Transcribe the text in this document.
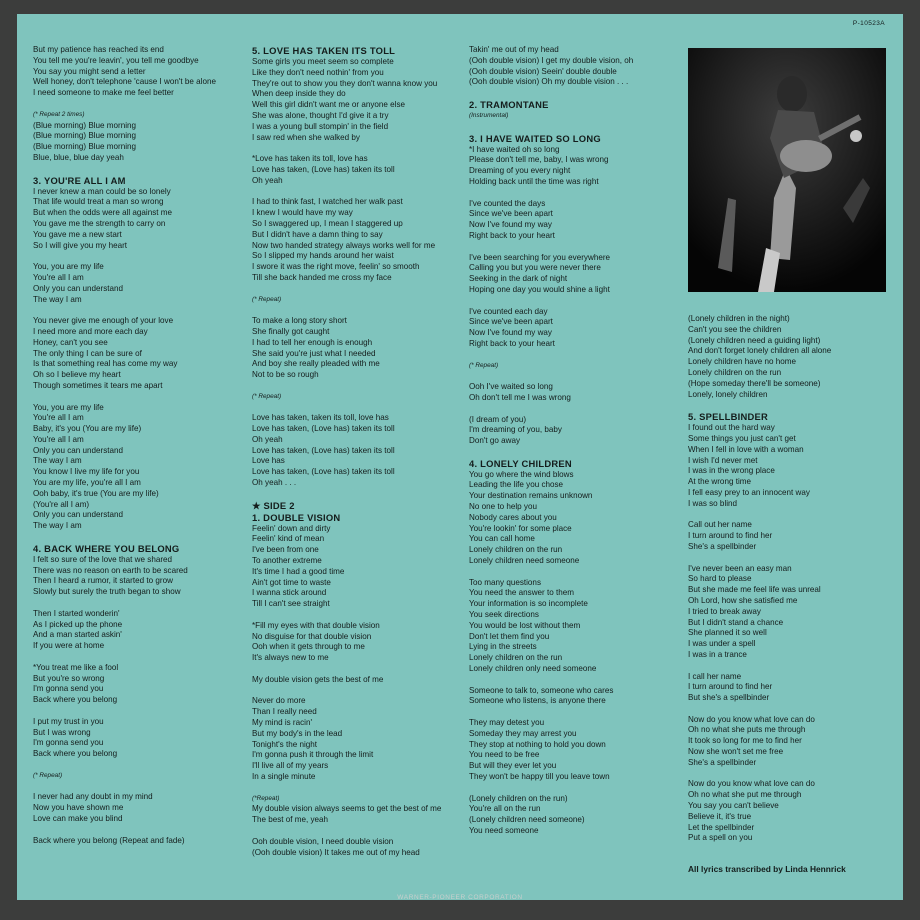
P-10523A
But my patience has reached its end
You tell me you're leavin', you tell me goodbye
You say you might send a letter
Well honey, don't telephone 'cause I won't be alone
I need someone to make me feel better
(* Repeat 2 times)
(Blue morning) Blue morning
(Blue morning) Blue morning
(Blue morning) Blue morning
Blue, blue, blue day yeah
3. YOU'RE ALL I AM
I never knew a man could be so lonely
That life would treat a man so wrong
But when the odds were all against me
You gave me the strength to carry on
You gave me a new start
So I will give you my heart
You, you are my life
You're all I am
Only you can understand
The way I am
You never give me enough of your love
I need more and more each day
Honey, can't you see
The only thing I can be sure of
Is that something real has come my way
Oh so I believe my heart
Though sometimes it tears me apart
You, you are my life
You're all I am
Baby, it's you (You are my life)
You're all I am
Only you can understand
The way I am
You know I live my life for you
You are my life, you're all I am
Ooh baby, it's true (You are my life)
(You're all I am)
Only you can understand
The way I am
4. BACK WHERE YOU BELONG
I felt so sure of the love that we shared
There was no reason on earth to be scared
Then I heard a rumor, it started to grow
Slowly but surely the truth began to show
Then I started wonderin'
As I picked up the phone
And a man started askin'
If you were at home
*You treat me like a fool
But you're so wrong
I'm gonna send you
Back where you belong
I put my trust in you
But I was wrong
I'm gonna send you
Back where you belong
(* Repeat)
I never had any doubt in my mind
Now you have shown me
Love can make you blind
Back where you belong (Repeat and fade)
5. LOVE HAS TAKEN ITS TOLL
Some girls you meet seem so complete
Like they don't need nothin' from you
They're out to show you they don't wanna know you
When deep inside they do
Well this girl didn't want me or anyone else
She was alone, thought I'd give it a try
I was a young bull stompin' in the field
I saw red when she walked by
*Love has taken its toll, love has
Love has taken, (Love has) taken its toll
Oh yeah
I had to think fast, I watched her walk past
I knew I would have my way
So I swaggered up, I mean I staggered up
But I didn't have a damn thing to say
Now two handed strategy always works well for me
So I slipped my hands around her waist
I swore it was the right move, feelin' so smooth
Till she back handed me cross my face
(* Repeat)
To make a long story short
She finally got caught
I had to tell her enough is enough
She said you're just what I needed
And boy she really pleaded with me
Not to be so rough
(* Repeat)
Love has taken, taken its toll, love has
Love has taken, (Love has) taken its toll
Oh yeah
Love has taken, (Love has) taken its toll
Love has
Love has taken, (Love has) taken its toll
Oh yeah . . .
★ SIDE 2
1. DOUBLE VISION
Feelin' down and dirty
Feelin' kind of mean
I've been from one
To another extreme
It's time I had a good time
Ain't got time to waste
I wanna stick around
Till I can't see straight
*Fill my eyes with that double vision
No disguise for that double vision
Ooh when it gets through to me
It's always new to me
My double vision gets the best of me
Never do more
Than I really need
My mind is racin'
But my body's in the lead
Tonight's the night
I'm gonna push it through the limit
I'll live all of my years
In a single minute
(*Repeat)
My double vision always seems to get the best of me
The best of me, yeah
Ooh double vision, I need double vision
(Ooh double vision) It takes me out of my head
Takin' me out of my head
(Ooh double vision) I get my double vision, oh
(Ooh double vision) Seein' double double
(Ooh double vision) Oh my double vision . . .
2. TRAMONTANE
(Instrumental)
3. I HAVE WAITED SO LONG
*I have waited oh so long
Please don't tell me, baby, I was wrong
Dreaming of you every night
Holding back until the time was right
I've counted the days
Since we've been apart
Now I've found my way
Right back to your heart
I've been searching for you everywhere
Calling you but you were never there
Seeking in the dark of night
Hoping one day you would shine a light
I've counted each day
Since we've been apart
Now I've found my way
Right back to your heart
(* Repeat)
Ooh I've waited so long
Oh don't tell me I was wrong
(I dream of you)
I'm dreaming of you, baby
Don't go away
4. LONELY CHILDREN
You go where the wind blows
Leading the life you chose
Your destination remains unknown
No one to help you
Nobody cares about you
You're lookin' for some place
You can call home
Lonely children on the run
Lonely children need someone
Too many questions
You need the answer to them
Your information is so incomplete
You seek directions
You would be lost without them
Don't let them find you
Lying in the streets
Lonely children on the run
Lonely children only need someone
Someone to talk to, someone who cares
Someone who listens, is anyone there
They may detest you
Someday they may arrest you
They stop at nothing to hold you down
You need to be free
But will they ever let you
They won't be happy till you leave town
(Lonely children on the run)
You're all on the run
(Lonely children need someone)
You need someone
(Lonely children in the night)
Can't you see the children
(Lonely children need a guiding light)
And don't forget lonely children all alone
Lonely children have no home
Lonely children on the run
(Hope someday there'll be someone)
Lonely, lonely children
5. SPELLBINDER
I found out the hard way
Some things you just can't get
When I fell in love with a woman
I wish I'd never met
I was in the wrong place
At the wrong time
I fell easy prey to an innocent way
I was so blind
Call out her name
I turn around to find her
She's a spellbinder
I've never been an easy man
So hard to please
But she made me feel life was unreal
Oh Lord, how she satisfied me
I tried to break away
But I didn't stand a chance
She planned it so well
I was under a spell
I was in a trance
I call her name
I turn around to find her
But she's a spellbinder
Now do you know what love can do
Oh no what she puts me through
It took so long for me to find her
Now she won't set me free
She's a spellbinder
Now do you know what love can do
Oh no what she put me through
You say you can't believe
Believe it, it's true
Let the spellbinder
Put a spell on you
All lyrics transcribed by Linda Hennrick
WARNER-PIONEER CORPORATION
